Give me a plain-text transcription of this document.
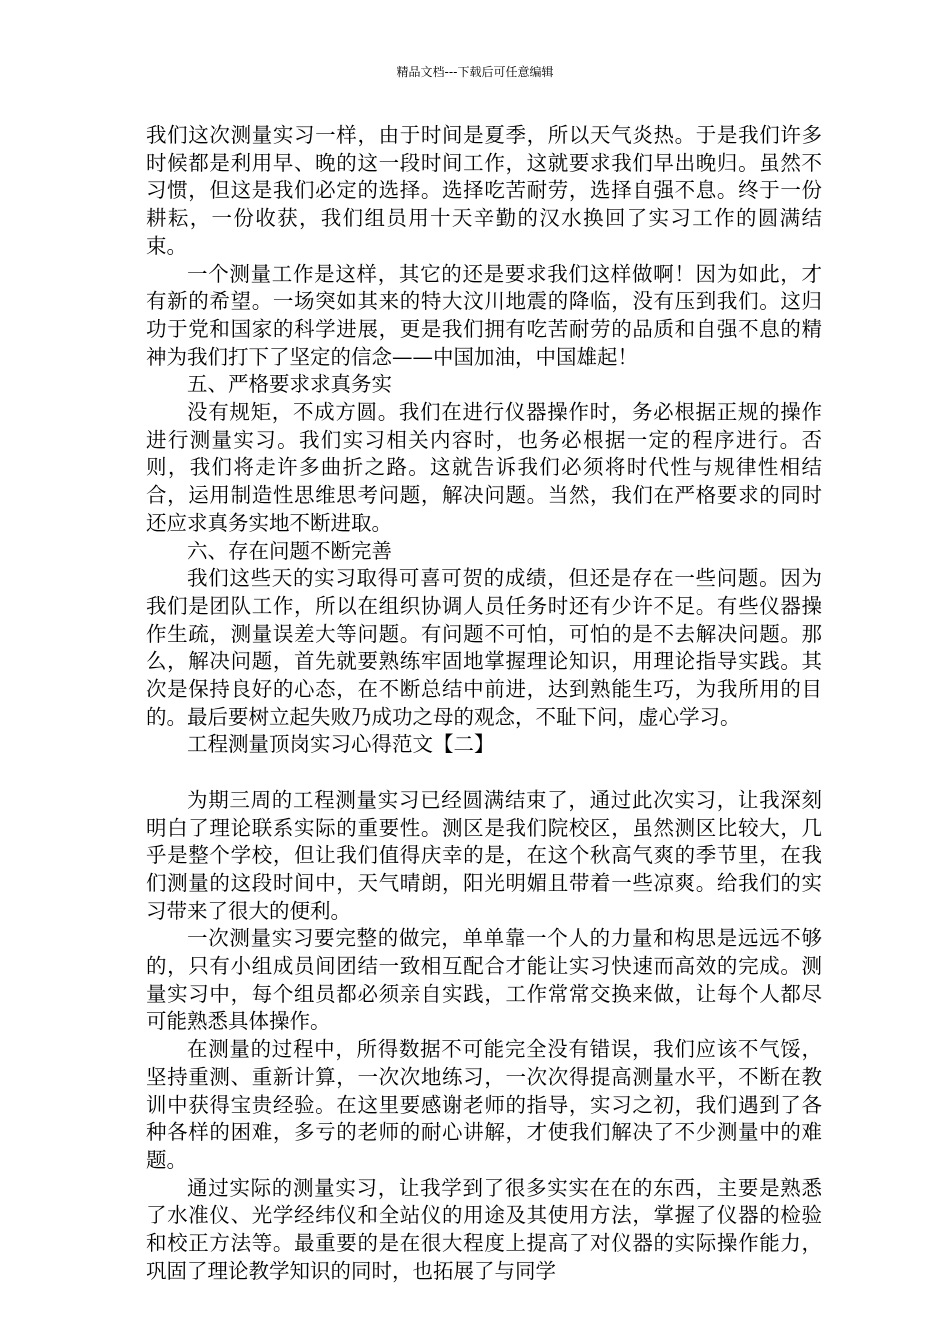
精品文档---下载后可任意编辑

我们这次测量实习一样，由于时间是夏季，所以天气炎热。于是我们许多时候都是利用早、晚的这一段时间工作，这就要求我们早出晚归。虽然不习惯，但这是我们必定的选择。选择吃苦耐劳，选择自强不息。终于一份耕耘，一份收获，我们组员用十天辛勤的汉水换回了实习工作的圆满结束。

一个测量工作是这样，其它的还是要求我们这样做啊！因为如此，才有新的希望。一场突如其来的特大汶川地震的降临，没有压到我们。这归功于党和国家的科学进展，更是我们拥有吃苦耐劳的品质和自强不息的精神为我们打下了坚定的信念——中国加油，中国雄起！

五、严格要求求真务实

没有规矩，不成方圆。我们在进行仪器操作时，务必根据正规的操作进行测量实习。我们实习相关内容时，也务必根据一定的程序进行。否则，我们将走许多曲折之路。这就告诉我们必须将时代性与规律性相结合，运用制造性思维思考问题，解决问题。当然，我们在严格要求的同时还应求真务实地不断进取。

六、存在问题不断完善

我们这些天的实习取得可喜可贺的成绩，但还是存在一些问题。因为我们是团队工作，所以在组织协调人员任务时还有少许不足。有些仪器操作生疏，测量误差大等问题。有问题不可怕，可怕的是不去解决问题。那么，解决问题，首先就要熟练牢固地掌握理论知识，用理论指导实践。其次是保持良好的心态，在不断总结中前进，达到熟能生巧，为我所用的目的。最后要树立起失败乃成功之母的观念，不耻下问，虚心学习。

工程测量顶岗实习心得范文【二】

为期三周的工程测量实习已经圆满结束了，通过此次实习，让我深刻明白了理论联系实际的重要性。测区是我们院校区，虽然测区比较大，几乎是整个学校，但让我们值得庆幸的是，在这个秋高气爽的季节里，在我们测量的这段时间中，天气晴朗，阳光明媚且带着一些凉爽。给我们的实习带来了很大的便利。

一次测量实习要完整的做完，单单靠一个人的力量和构思是远远不够的，只有小组成员间团结一致相互配合才能让实习快速而高效的完成。测量实习中，每个组员都必须亲自实践，工作常常交换来做，让每个人都尽可能熟悉具体操作。

在测量的过程中，所得数据不可能完全没有错误，我们应该不气馁，坚持重测、重新计算，一次次地练习，一次次得提高测量水平，不断在教训中获得宝贵经验。在这里要感谢老师的指导，实习之初，我们遇到了各种各样的困难，多亏的老师的耐心讲解，才使我们解决了不少测量中的难题。

通过实际的测量实习，让我学到了很多实实在在的东西，主要是熟悉了水准仪、光学经纬仪和全站仪的用途及其使用方法，掌握了仪器的检验和校正方法等。最重要的是在很大程度上提高了对仪器的实际操作能力，巩固了理论教学知识的同时，也拓展了与同学
